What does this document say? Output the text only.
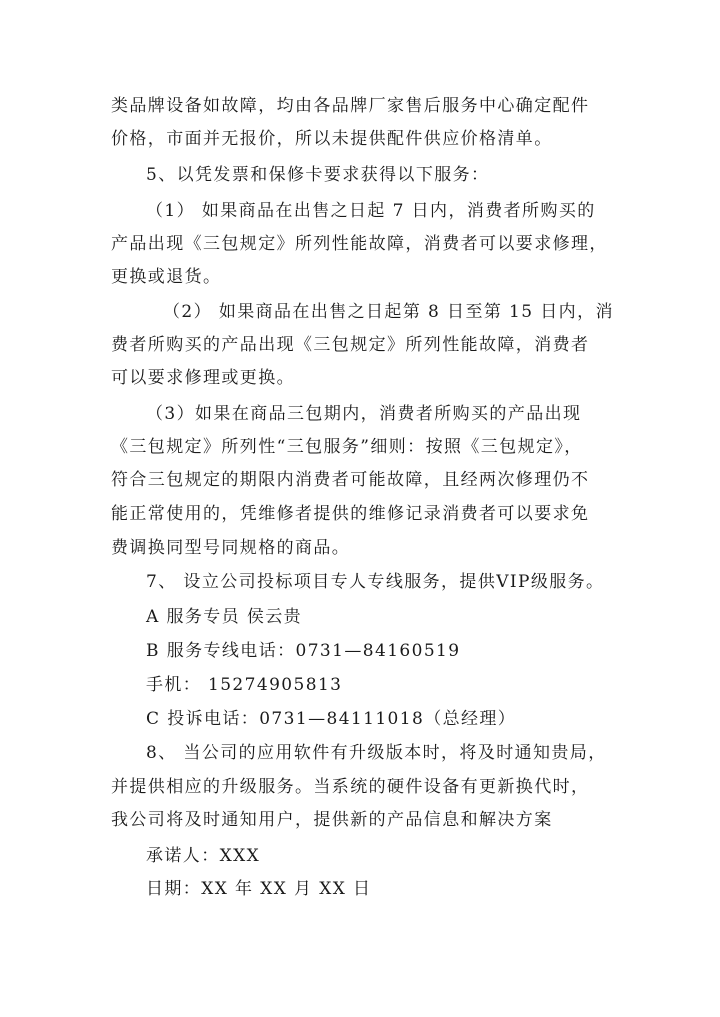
类品牌设备如故障，均由各品牌厂家售后服务中心确定配件
价格，市面并无报价，所以未提供配件供应价格清单。
5、以凭发票和保修卡要求获得以下服务：
（1） 如果商品在出售之日起 7 日内，消费者所购买的
产品出现《三包规定》所列性能故障，消费者可以要求修理，
更换或退货。
（2） 如果商品在出售之日起第 8 日至第 15 日内，消
费者所购买的产品出现《三包规定》所列性能故障，消费者
可以要求修理或更换。
（3）如果在商品三包期内，消费者所购买的产品出现
《三包规定》所列性“三包服务”细则：按照《三包规定》，
符合三包规定的期限内消费者可能故障，且经两次修理仍不
能正常使用的，凭维修者提供的维修记录消费者可以要求免
费调换同型号同规格的商品。
7、 设立公司投标项目专人专线服务，提供VIP级服务。
A 服务专员 侯云贵
B 服务专线电话：0731—84160519
手机： 15274905813
C 投诉电话：0731—84111018（总经理）
8、 当公司的应用软件有升级版本时，将及时通知贵局，
并提供相应的升级服务。当系统的硬件设备有更新换代时，
我公司将及时通知用户，提供新的产品信息和解决方案
承诺人：XXX
日期：XX 年 XX 月 XX 日
